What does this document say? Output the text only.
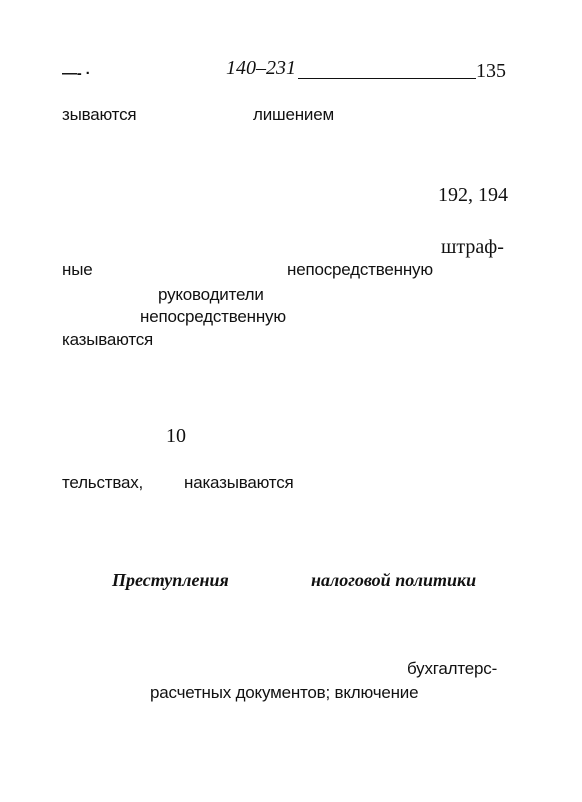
—- ·	140–231	135
зываются	лишением
192, 194
штраф-
ные	непосредственную
руководители
непосредственную
казываются
10
тельствах, наказываются
Преступления	налоговой политики
бухгалтерс-
расчетных документов; включение
